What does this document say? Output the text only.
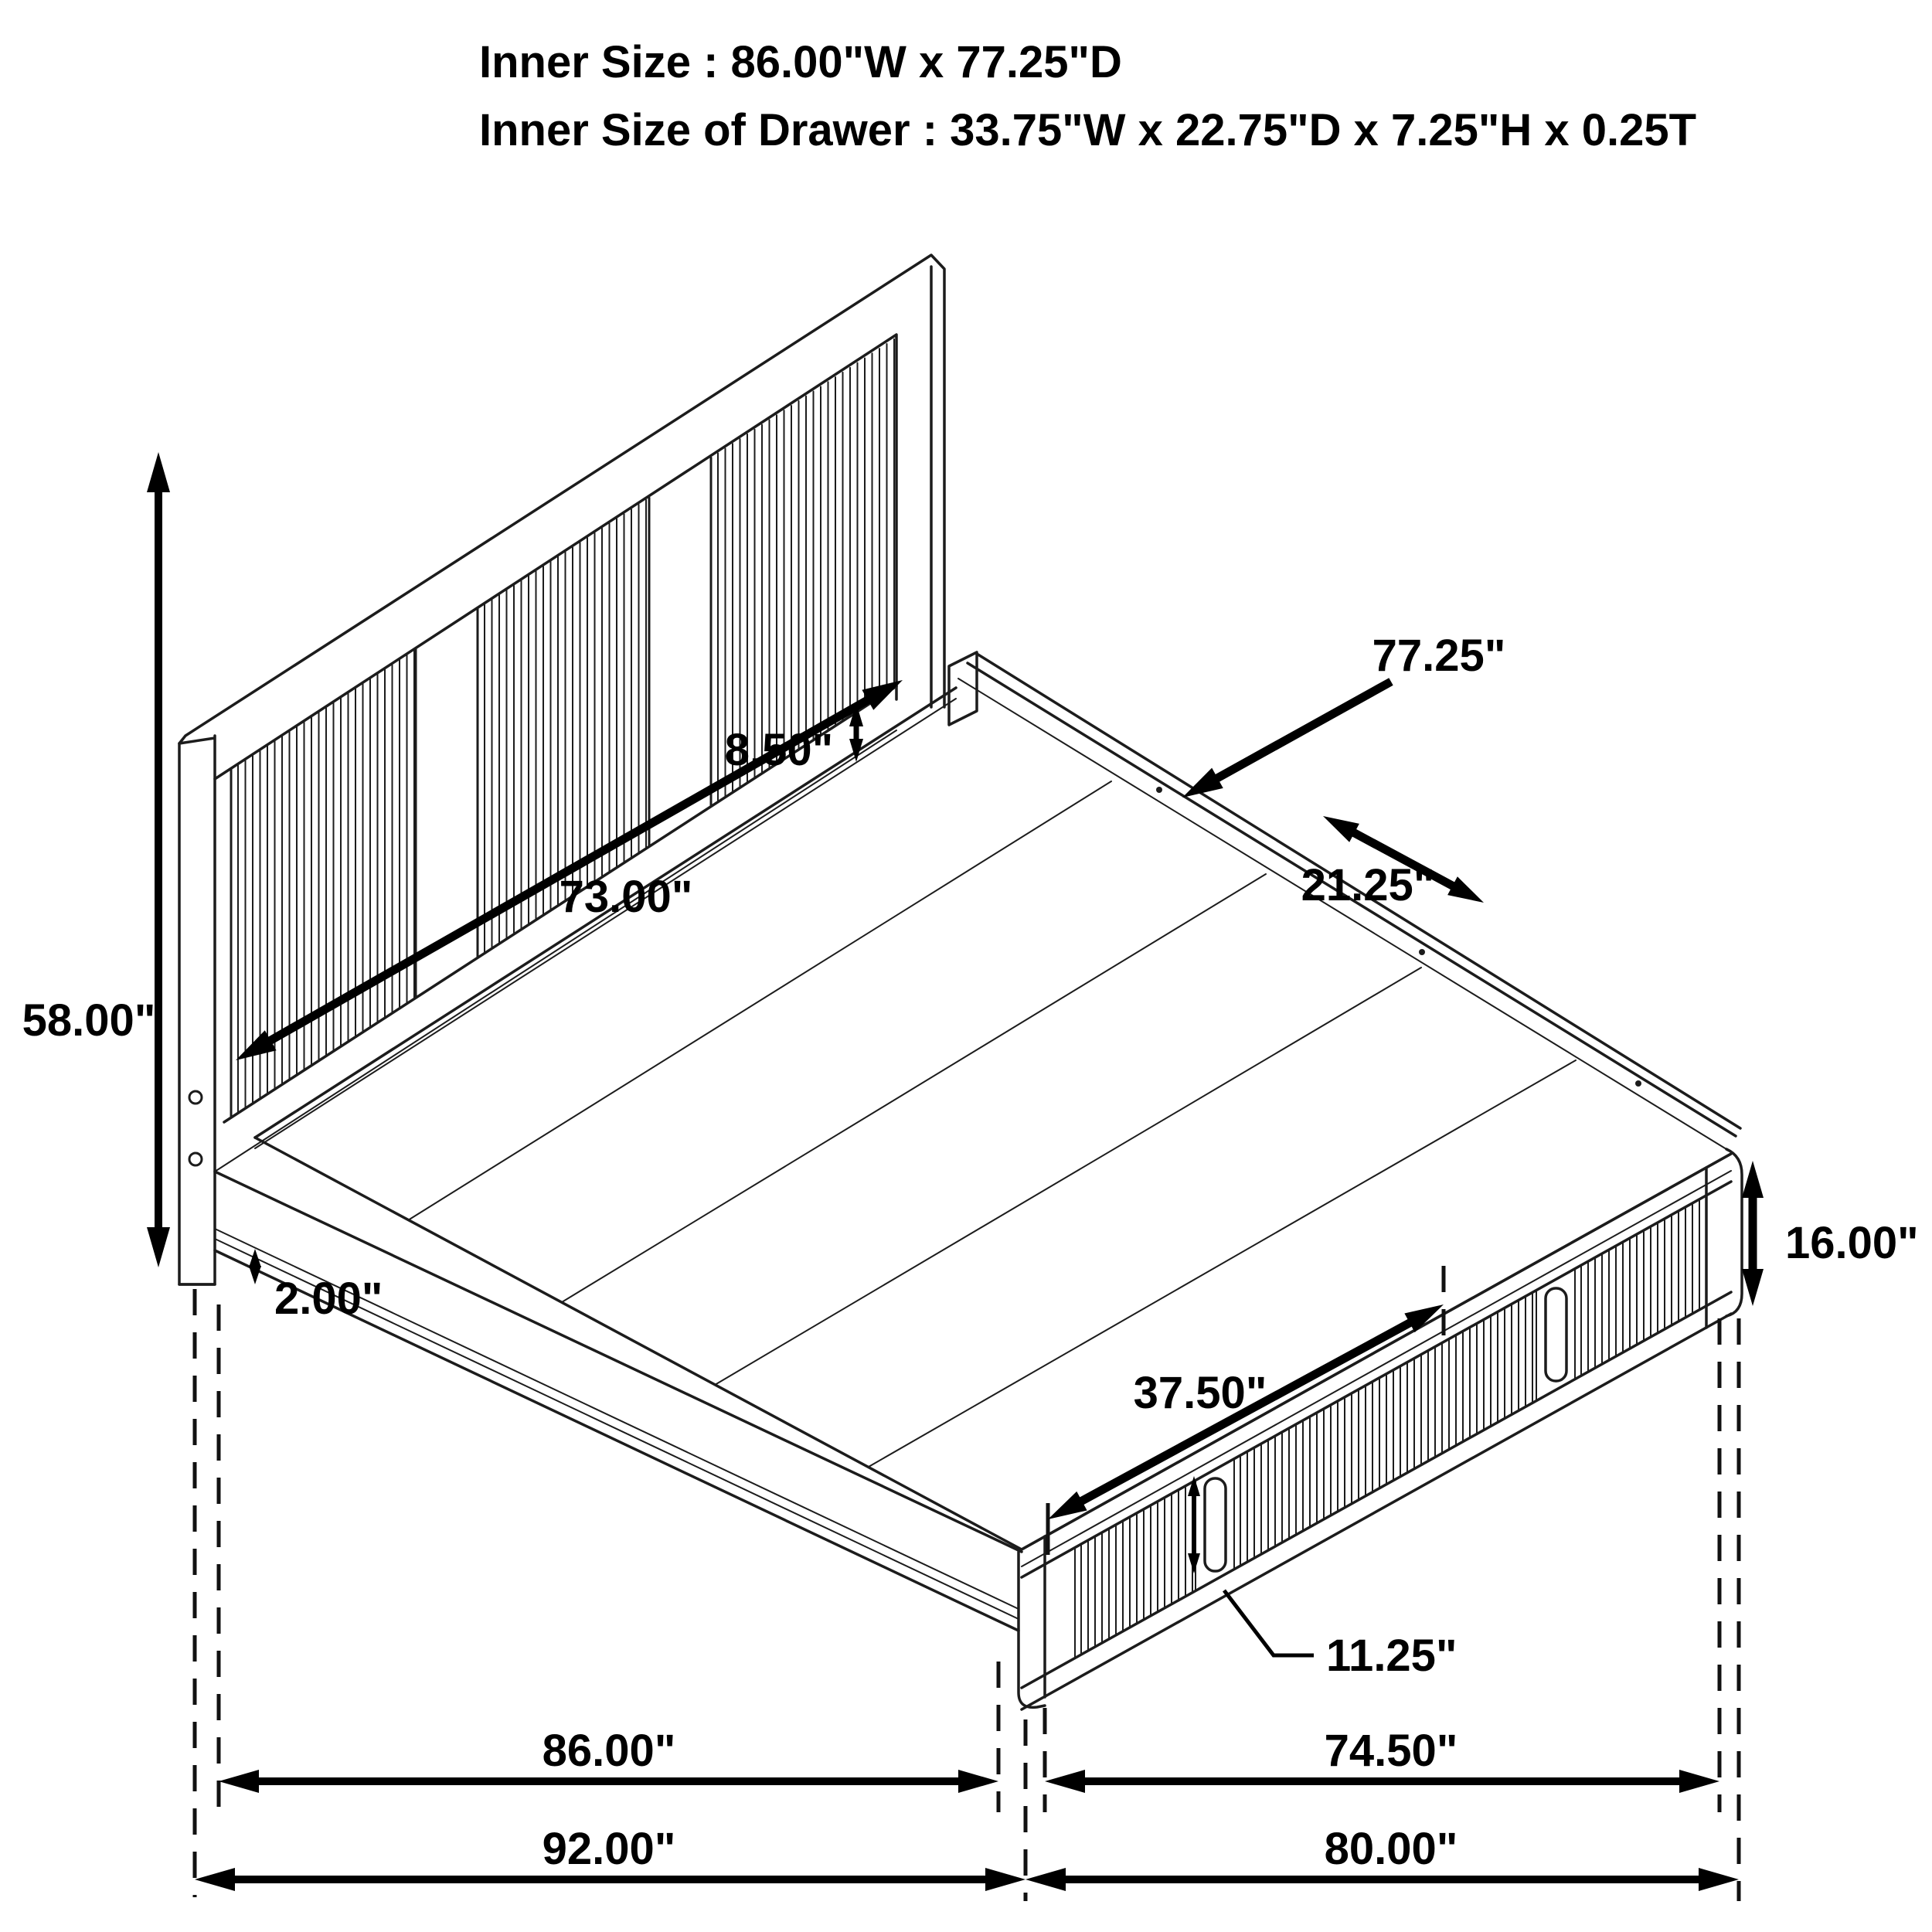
Inner Size : 86.00"W x 77.25"D
Inner Size of Drawer : 33.75"W x 22.75"D x 7.25"H x 0.25T
58.00"
73.00"
8.50"
77.25"
21.25"
16.00"
2.00"
37.50"
11.25"
86.00"	74.50"
92.00"	80.00"
